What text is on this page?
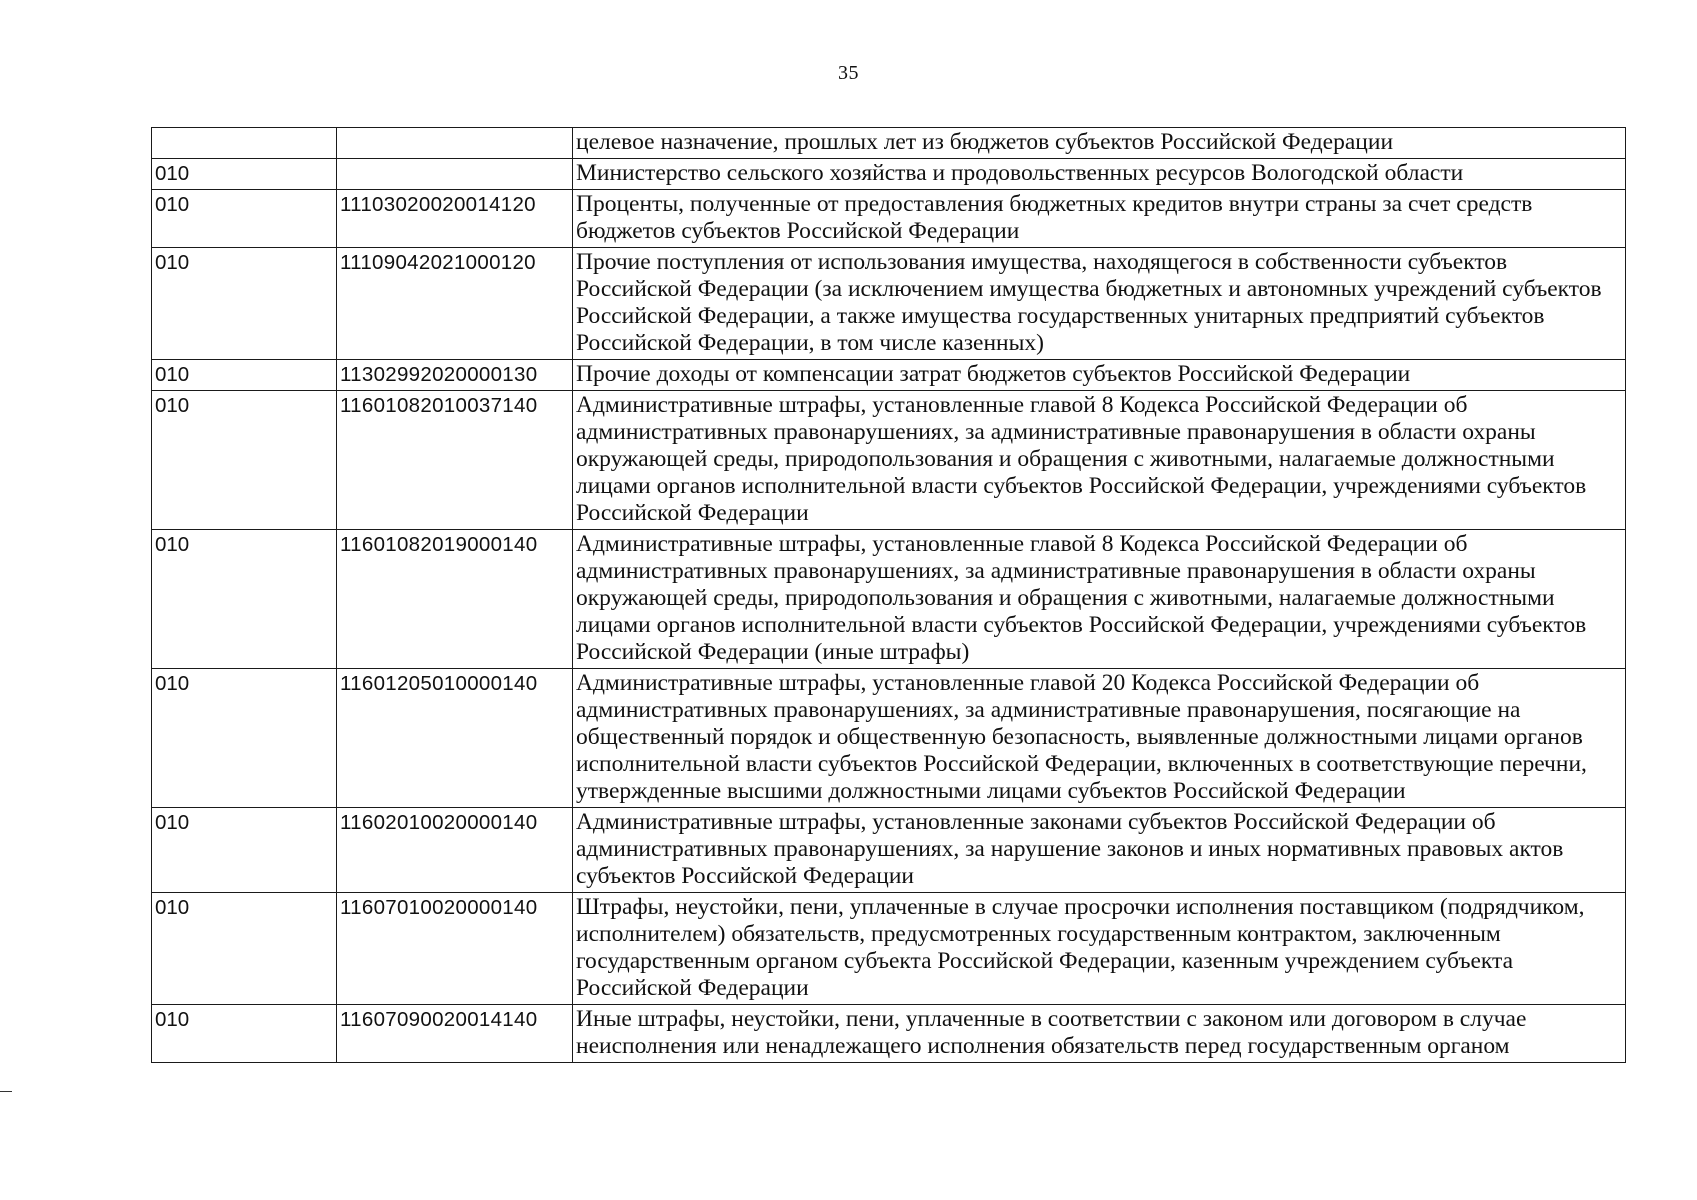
35
		целевое назначение, прошлых лет из бюджетов субъектов Российской Федерации
010		Министерство сельского хозяйства и продовольственных ресурсов Вологодской области
010	11103020020014120	Проценты, полученные от предоставления бюджетных кредитов внутри страны за счет средств бюджетов субъектов Российской Федерации
010	11109042021000120	Прочие поступления от использования имущества, находящегося в собственности субъектов Российской Федерации (за исключением имущества бюджетных и автономных учреждений субъектов Российской Федерации, а также имущества государственных унитарных предприятий субъектов Российской Федерации, в том числе казенных)
010	11302992020000130	Прочие доходы от компенсации затрат бюджетов субъектов Российской Федерации
010	11601082010037140	Административные штрафы, установленные главой 8 Кодекса Российской Федерации об административных правонарушениях, за административные правонарушения в области охраны окружающей среды, природопользования и обращения с животными, налагаемые должностными лицами органов исполнительной власти субъектов Российской Федерации, учреждениями субъектов Российской Федерации
010	11601082019000140	Административные штрафы, установленные главой 8 Кодекса Российской Федерации об административных правонарушениях, за административные правонарушения в области охраны окружающей среды, природопользования и обращения с животными, налагаемые должностными лицами органов исполнительной власти субъектов Российской Федерации, учреждениями субъектов Российской Федерации (иные штрафы)
010	11601205010000140	Административные штрафы, установленные главой 20 Кодекса Российской Федерации об административных правонарушениях, за административные правонарушения, посягающие на общественный порядок и общественную безопасность, выявленные должностными лицами органов исполнительной власти субъектов Российской Федерации, включенных в соответствующие перечни, утвержденные высшими должностными лицами субъектов Российской Федерации
010	11602010020000140	Административные штрафы, установленные законами субъектов Российской Федерации об административных правонарушениях, за нарушение законов и иных нормативных правовых актов субъектов Российской Федерации
010	11607010020000140	Штрафы, неустойки, пени, уплаченные в случае просрочки исполнения поставщиком (подрядчиком, исполнителем) обязательств, предусмотренных государственным контрактом, заключенным государственным органом субъекта Российской Федерации, казенным учреждением субъекта Российской Федерации
010	11607090020014140	Иные штрафы, неустойки, пени, уплаченные в соответствии с законом или договором в случае неисполнения или ненадлежащего исполнения обязательств перед государственным органом
